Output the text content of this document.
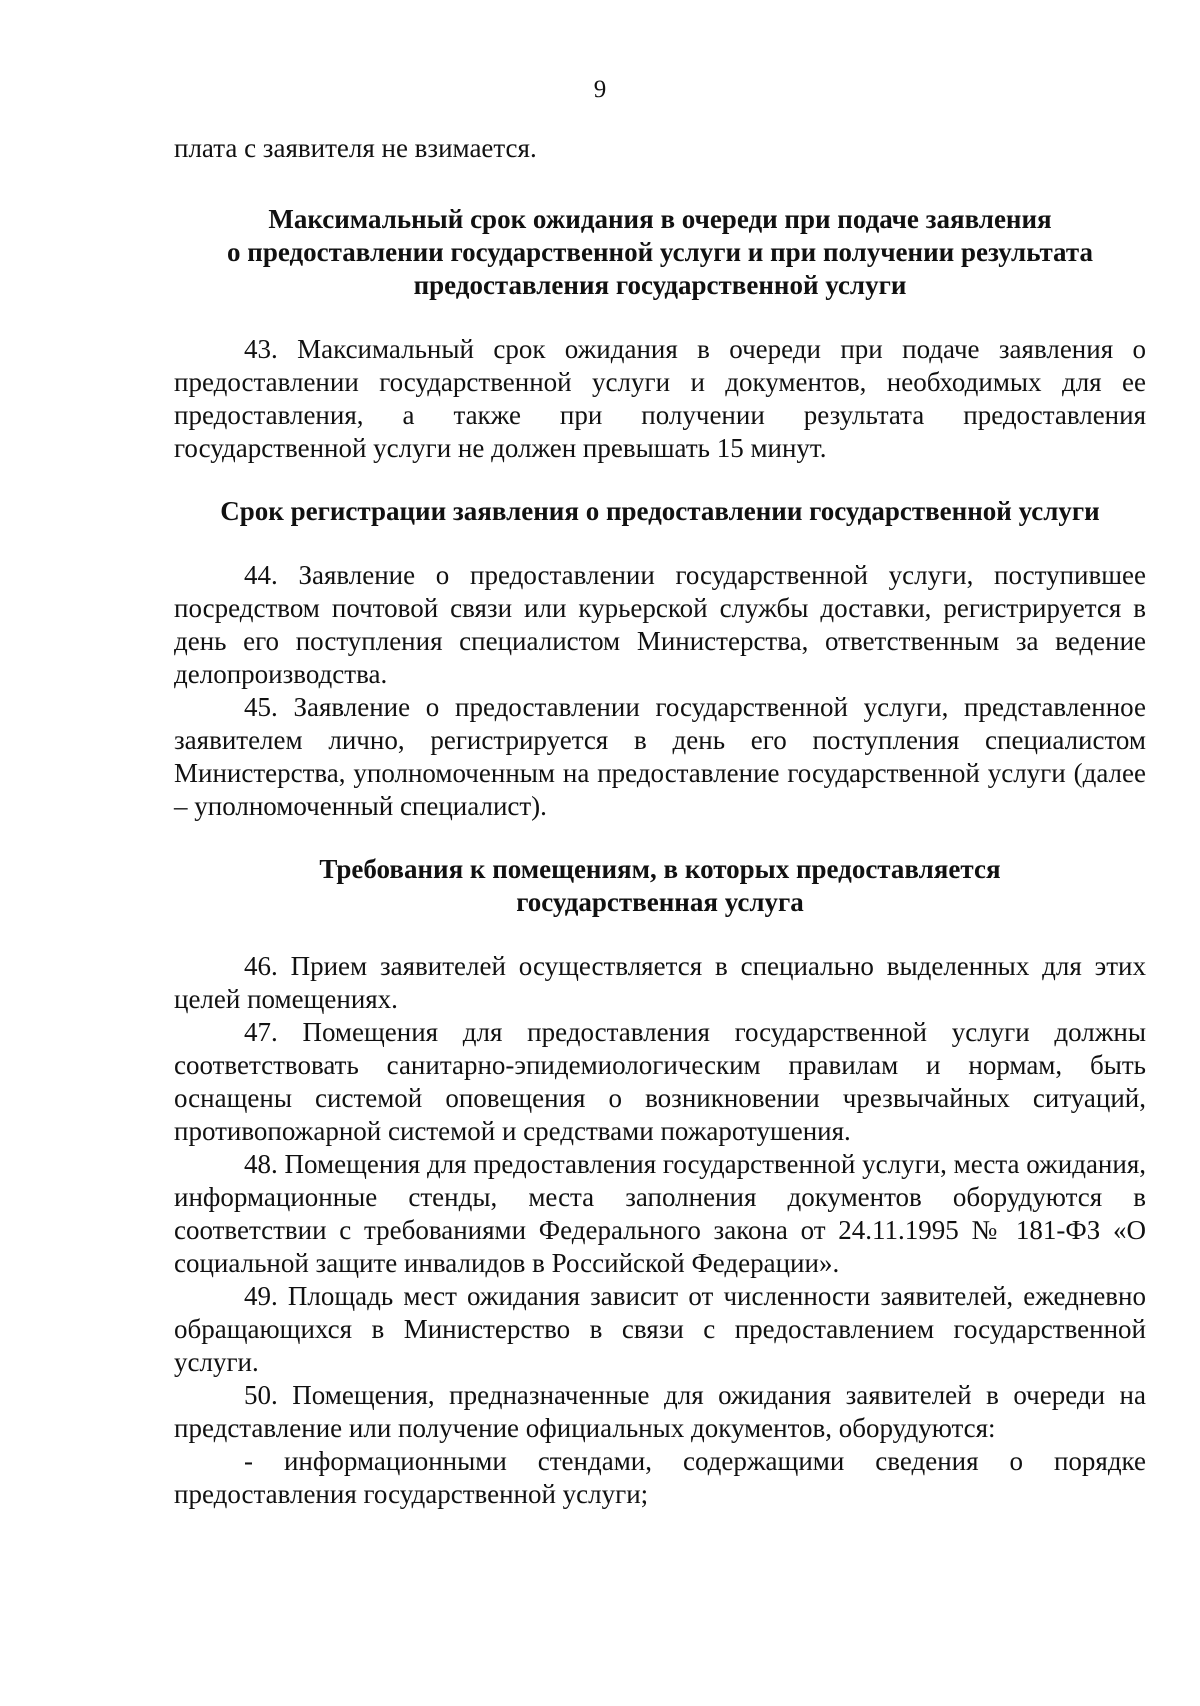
9

плата с заявителя не взимается.

Максимальный срок ожидания в очереди при подаче заявления
о предоставлении государственной услуги и при получении результата
предоставления государственной услуги

43. Максимальный срок ожидания в очереди при подаче заявления о предоставлении государственной услуги и документов, необходимых для ее предоставления, а также при получении результата предоставления государственной услуги не должен превышать 15 минут.

Срок регистрации заявления о предоставлении государственной услуги

44. Заявление о предоставлении государственной услуги, поступившее посредством почтовой связи или курьерской службы доставки, регистрируется в день его поступления специалистом Министерства, ответственным за ведение делопроизводства.

45. Заявление о предоставлении государственной услуги, представленное заявителем лично, регистрируется в день его поступления специалистом Министерства, уполномоченным на предоставление государственной услуги (далее – уполномоченный специалист).

Требования к помещениям, в которых предоставляется
государственная услуга

46. Прием заявителей осуществляется в специально выделенных для этих целей помещениях.

47. Помещения для предоставления государственной услуги должны соответствовать санитарно-эпидемиологическим правилам и нормам, быть оснащены системой оповещения о возникновении чрезвычайных ситуаций, противопожарной системой и средствами пожаротушения.

48. Помещения для предоставления государственной услуги, места ожидания, информационные стенды, места заполнения документов оборудуются в соответствии с требованиями Федерального закона от 24.11.1995 № 181-ФЗ «О социальной защите инвалидов в Российской Федерации».

49. Площадь мест ожидания зависит от численности заявителей, ежедневно обращающихся в Министерство в связи с предоставлением государственной услуги.

50. Помещения, предназначенные для ожидания заявителей в очереди на представление или получение официальных документов, оборудуются:

- информационными стендами, содержащими сведения о порядке предоставления государственной услуги;
